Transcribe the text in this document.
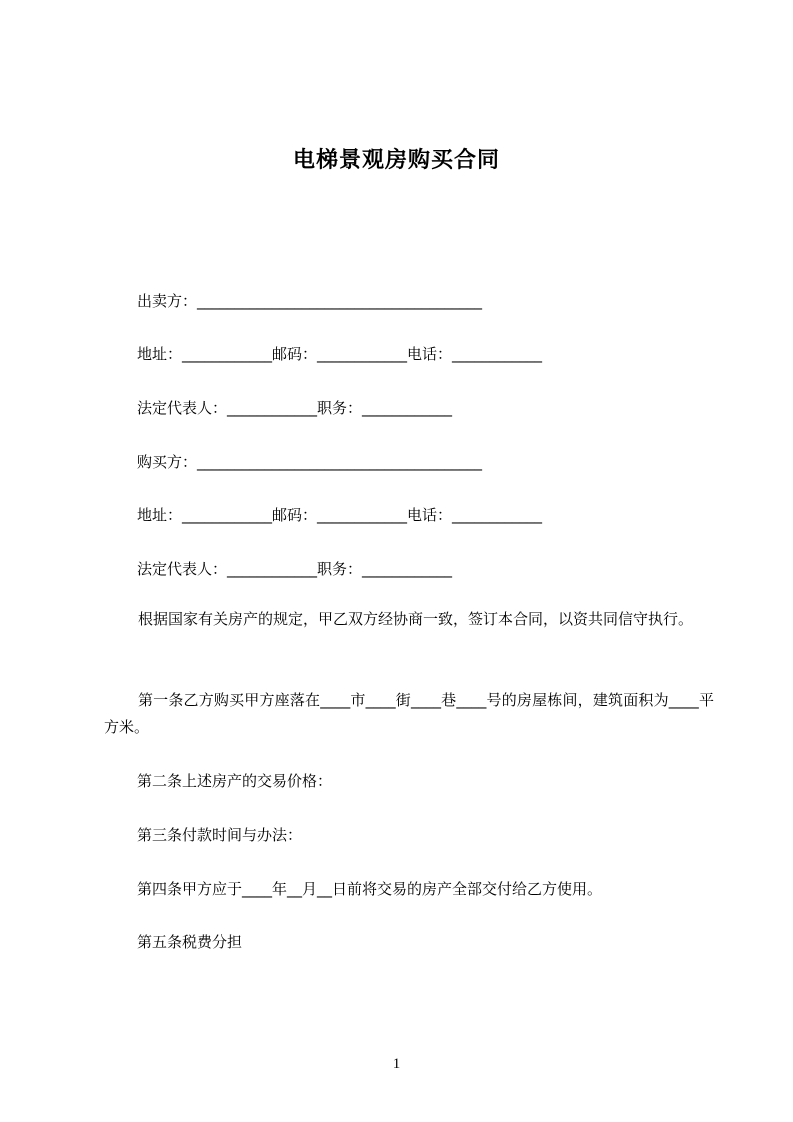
电梯景观房购买合同
出卖方：______________________________________
地址：____________邮码：____________电话：____________
法定代表人：____________职务：____________
购买方：______________________________________
地址：____________邮码：____________电话：____________
法定代表人：____________职务：____________
根据国家有关房产的规定，甲乙双方经协商一致，签订本合同，以资共同信守执行。
第一条乙方购买甲方座落在____市____街____巷____号的房屋栋间，建筑面积为____平方米。
第二条上述房产的交易价格：
第三条付款时间与办法：
第四条甲方应于____年__月__日前将交易的房产全部交付给乙方使用。
第五条税费分担
1
